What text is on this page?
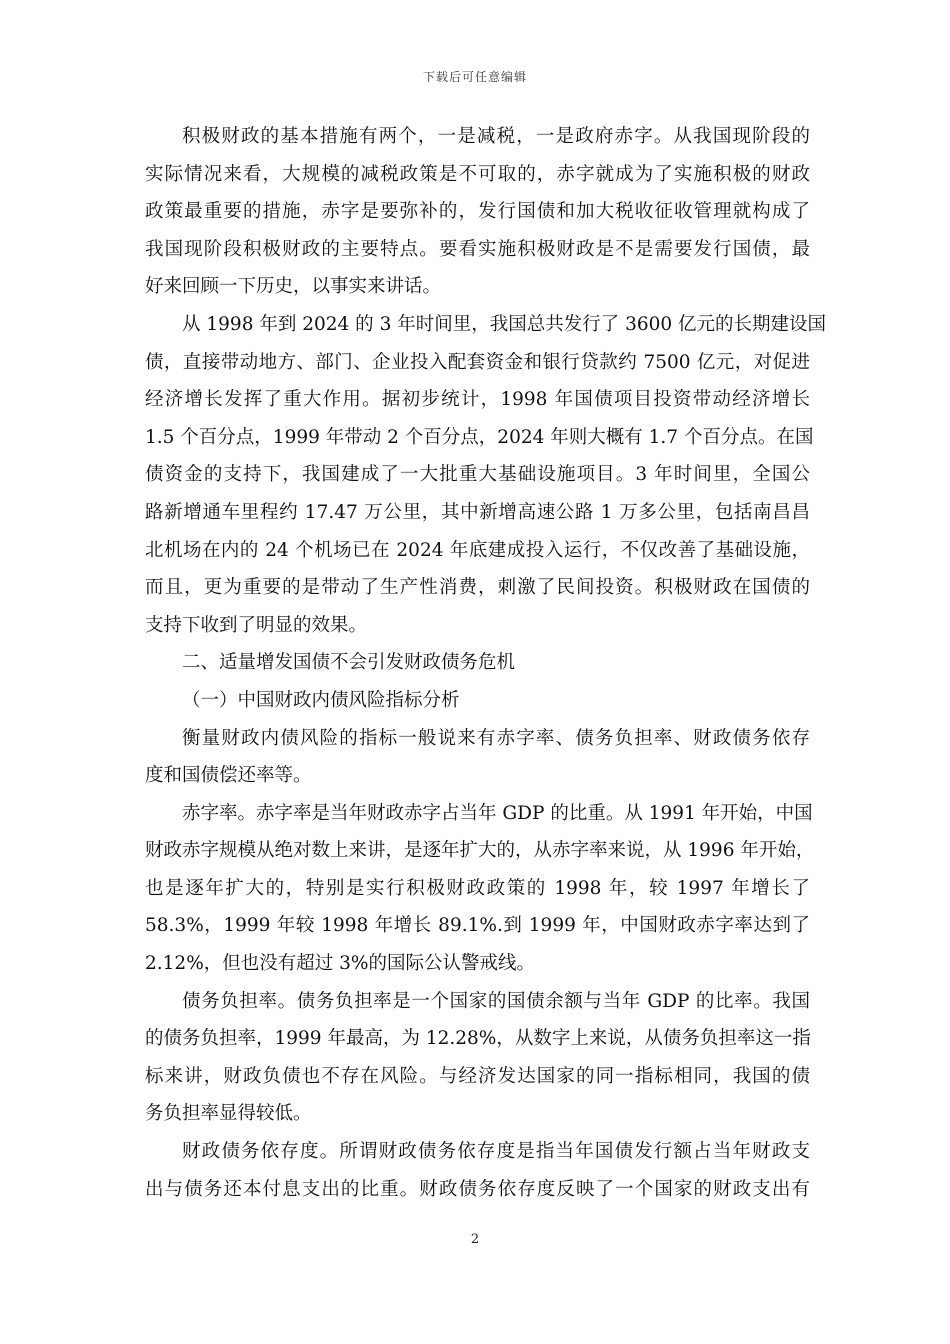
下载后可任意编辑
积极财政的基本措施有两个，一是减税，一是政府赤字。从我国现阶段的
实际情况来看，大规模的减税政策是不可取的，赤字就成为了实施积极的财政
政策最重要的措施，赤字是要弥补的，发行国债和加大税收征收管理就构成了
我国现阶段积极财政的主要特点。要看实施积极财政是不是需要发行国债，最
好来回顾一下历史，以事实来讲话。
从 1998 年到 2024 的 3 年时间里，我国总共发行了 3600 亿元的长期建设国
债，直接带动地方、部门、企业投入配套资金和银行贷款约 7500 亿元，对促进
经济增长发挥了重大作用。据初步统计，1998 年国债项目投资带动经济增长
1.5 个百分点，1999 年带动 2 个百分点，2024 年则大概有 1.7 个百分点。在国
债资金的支持下，我国建成了一大批重大基础设施项目。3 年时间里，全国公
路新增通车里程约 17.47 万公里，其中新增高速公路 1 万多公里，包括南昌昌
北机场在内的 24 个机场已在 2024 年底建成投入运行，不仅改善了基础设施，
而且，更为重要的是带动了生产性消费，刺激了民间投资。积极财政在国债的
支持下收到了明显的效果。
二、适量增发国债不会引发财政债务危机
（一）中国财政内债风险指标分析
衡量财政内债风险的指标一般说来有赤字率、债务负担率、财政债务依存
度和国债偿还率等。
赤字率。赤字率是当年财政赤字占当年 GDP 的比重。从 1991 年开始，中国
财政赤字规模从绝对数上来讲，是逐年扩大的，从赤字率来说，从 1996 年开始，
也是逐年扩大的，特别是实行积极财政政策的 1998 年，较 1997 年增长了
58.3%，1999 年较 1998 年增长 89.1%.到 1999 年，中国财政赤字率达到了
2.12%，但也没有超过 3%的国际公认警戒线。
债务负担率。债务负担率是一个国家的国债余额与当年 GDP 的比率。我国
的债务负担率，1999 年最高，为 12.28%，从数字上来说，从债务负担率这一指
标来讲，财政负债也不存在风险。与经济发达国家的同一指标相同，我国的债
务负担率显得较低。
财政债务依存度。所谓财政债务依存度是指当年国债发行额占当年财政支
出与债务还本付息支出的比重。财政债务依存度反映了一个国家的财政支出有
2
